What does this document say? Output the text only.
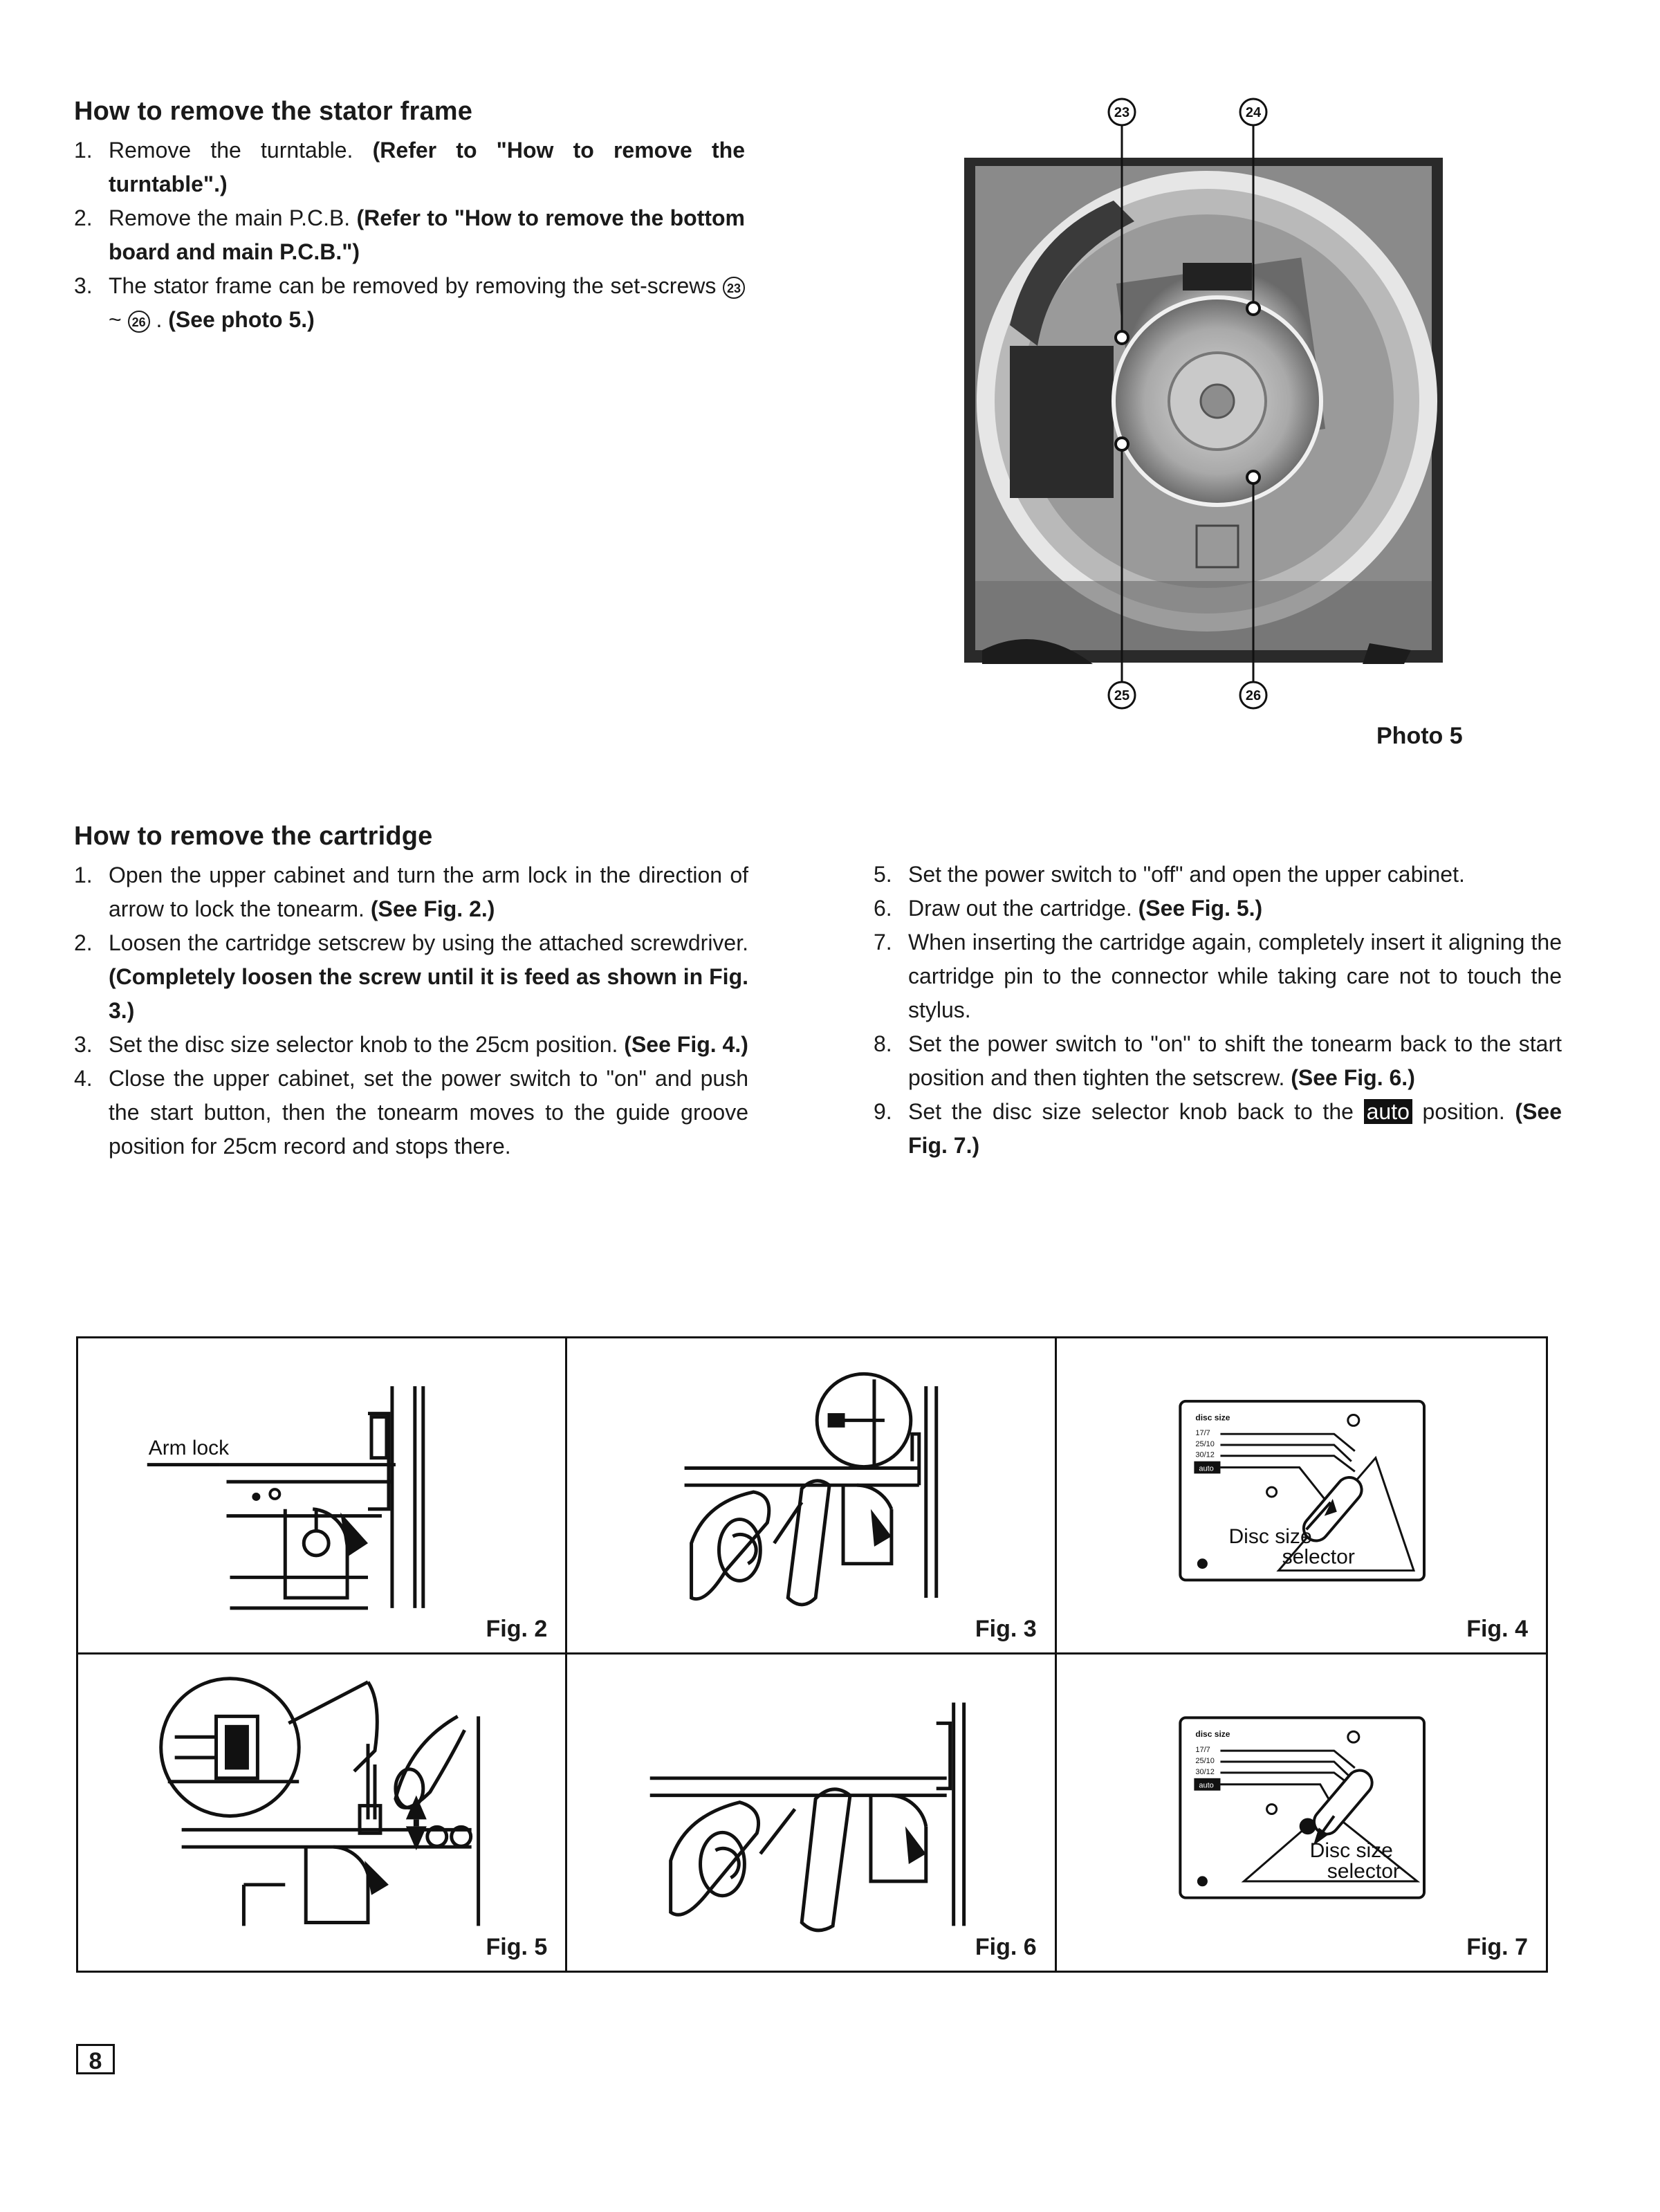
How to remove the stator frame
1. Remove the turntable. (Refer to "How to remove the turntable".)
2. Remove the main P.C.B. (Refer to "How to remove the bottom board and main P.C.B.")
3. The stator frame can be removed by removing the set-screws 23 ~ 26 . (See photo 5.)
23	24
25	26
Photo 5
How to remove the cartridge
1. Open the upper cabinet and turn the arm lock in the direction of arrow to lock the tonearm. (See Fig. 2.)
2. Loosen the cartridge setscrew by using the attached screwdriver. (Completely loosen the screw until it is feed as shown in Fig. 3.)
3. Set the disc size selector knob to the 25cm position. (See Fig. 4.)
4. Close the upper cabinet, set the power switch to "on" and push the start button, then the tonearm moves to the guide groove position for 25cm record and stops there.
5. Set the power switch to "off" and open the upper cabinet.
6. Draw out the cartridge. (See Fig. 5.)
7. When inserting the cartridge again, completely insert it aligning the cartridge pin to the connector while taking care not to touch the stylus.
8. Set the power switch to "on" to shift the tonearm back to the start position and then tighten the setscrew. (See Fig. 6.)
9. Set the disc size selector knob back to the auto position. (See Fig. 7.)
Arm lock
Fig. 2	Fig. 3
disc size
17/7
25/10
30/12
auto
Disc size
selector
Fig. 4
Fig. 5	Fig. 6
disc size
17/7
25/10
30/12
auto
Disc size
selector
Fig. 7
8
